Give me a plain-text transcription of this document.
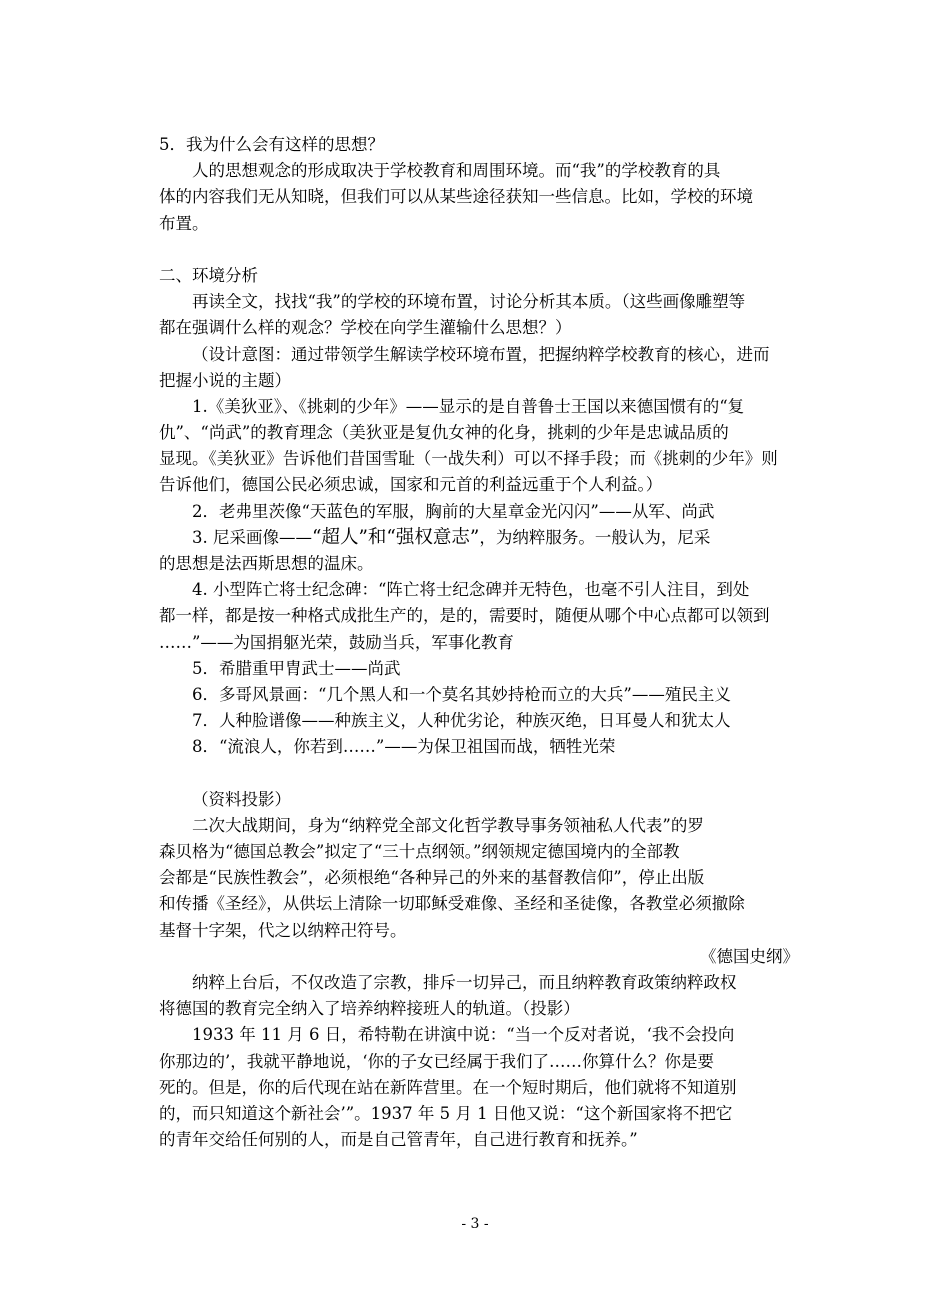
5．我为什么会有这样的思想？
人的思想观念的形成取决于学校教育和周围环境。而“我”的学校教育的具
体的内容我们无从知晓，但我们可以从某些途径获知一些信息。比如，学校的环境
布置。
二、环境分析
再读全文，找找“我”的学校的环境布置，讨论分析其本质。（这些画像雕塑等
都在强调什么样的观念？学校在向学生灌输什么思想？）
（设计意图：通过带领学生解读学校环境布置，把握纳粹学校教育的核心，进而
把握小说的主题）
1.《美狄亚》、《挑刺的少年》——显示的是自普鲁士王国以来德国惯有的“复
仇”、“尚武”的教育理念（美狄亚是复仇女神的化身，挑刺的少年是忠诚品质的
显现。《美狄亚》告诉他们昔国雪耻（一战失利）可以不择手段；而《挑刺的少年》则
告诉他们，德国公民必须忠诚，国家和元首的利益远重于个人利益。）
2．老弗里茨像“天蓝色的军服，胸前的大星章金光闪闪”——从军、尚武
3. 尼采画像——“超人”和“强权意志”，为纳粹服务。一般认为，尼采
的思想是法西斯思想的温床。
4. 小型阵亡将士纪念碑：“阵亡将士纪念碑并无特色，也毫不引人注目，到处
都一样，都是按一种格式成批生产的，是的，需要时，随便从哪个中心点都可以领到
……”——为国捐躯光荣，鼓励当兵，军事化教育
5．希腊重甲胄武士——尚武
6．多哥风景画：“几个黑人和一个莫名其妙持枪而立的大兵”——殖民主义
7．人种脸谱像——种族主义，人种优劣论，种族灭绝，日耳曼人和犹太人
8．“流浪人，你若到……”——为保卫祖国而战，牺牲光荣
（资料投影）
二次大战期间，身为“纳粹党全部文化哲学教导事务领袖私人代表”的罗
森贝格为“德国总教会”拟定了“三十点纲领。”纲领规定德国境内的全部教
会都是“民族性教会”，必须根绝“各种异己的外来的基督教信仰”，停止出版
和传播《圣经》，从供坛上清除一切耶稣受难像、圣经和圣徒像，各教堂必须撤除
基督十字架，代之以纳粹卍符号。
《德国史纲》
纳粹上台后，不仅改造了宗教，排斥一切异己，而且纳粹教育政策纳粹政权
将德国的教育完全纳入了培养纳粹接班人的轨道。（投影）
1933 年 11 月 6 日，希特勒在讲演中说：“当一个反对者说，‘我不会投向
你那边的’，我就平静地说，‘你的子女已经属于我们了……你算什么？你是要
死的。但是，你的后代现在站在新阵营里。在一个短时期后，他们就将不知道别
的，而只知道这个新社会’”。1937 年 5 月 1 日他又说：“这个新国家将不把它
的青年交给任何别的人，而是自己管青年，自己进行教育和抚养。”
- 3 -
